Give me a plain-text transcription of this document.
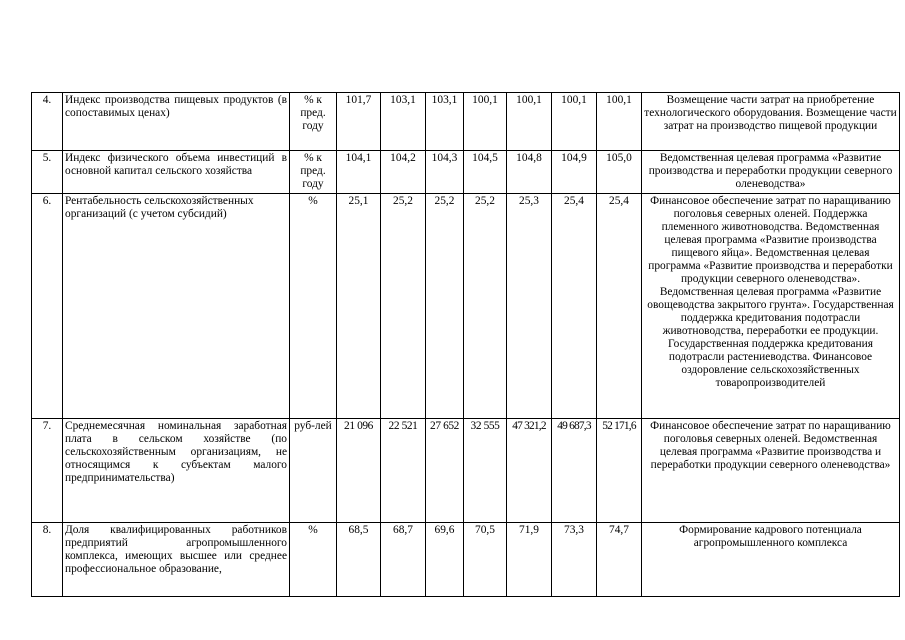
4.	Индекс производства пищевых продуктов (в сопоставимых ценах)	% к пред. году	101,7	103,1	103,1	100,1	100,1	100,1	100,1	Возмещение части затрат на приобретение технологического оборудования. Возмещение части затрат на производство пищевой продукции
5.	Индекс физического объема инвестиций в основной капитал сельского хозяйства	% к пред. году	104,1	104,2	104,3	104,5	104,8	104,9	105,0	Ведомственная целевая программа «Развитие производства и переработки продукции северного оленеводства»
6.	Рентабельность сельскохозяйственных организаций (с учетом субсидий)	%	25,1	25,2	25,2	25,2	25,3	25,4	25,4	Финансовое обеспечение затрат по наращиванию поголовья северных оленей. Поддержка племенного животноводства. Ведомственная целевая программа «Развитие производства пищевого яйца». Ведомственная целевая программа «Развитие производства и переработки продукции северного оленеводства». Ведомственная целевая программа «Развитие овощеводства закрытого грунта». Государственная поддержка кредитования подотрасли животноводства, переработки ее продукции. Государственная поддержка кредитования подотрасли растениеводства. Финансовое оздоровление сельскохозяйственных товаропроизводителей
7.	Среднемесячная номинальная заработная плата в сельском хозяйстве (по сельскохозяйственным организациям, не относящимся к субъектам малого предпринимательства)	руб-лей	21 096	22 521	27 652	32 555	47 321,2	49 687,3	52 171,6	Финансовое обеспечение затрат по наращиванию поголовья северных оленей. Ведомственная целевая программа «Развитие производства и переработки продукции северного оленеводства»
8.	Доля квалифицированных работников предприятий агропромышленного комплекса, имеющих высшее или среднее профессиональное образование,	%	68,5	68,7	69,6	70,5	71,9	73,3	74,7	Формирование кадрового потенциала агропромышленного комплекса
